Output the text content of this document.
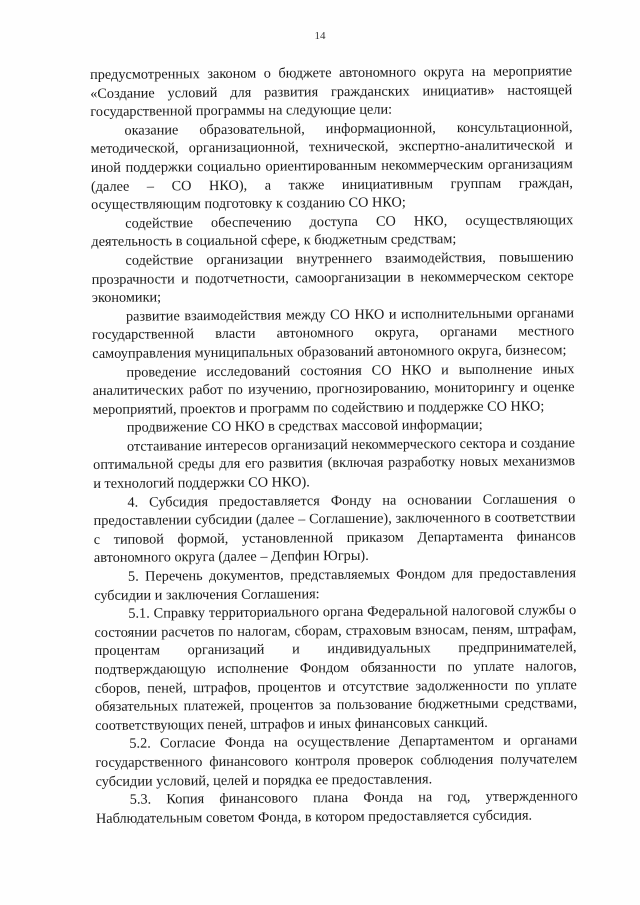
14

предусмотренных законом о бюджете автономного округа на мероприятие «Создание условий для развития гражданских инициатив» настоящей государственной программы на следующие цели:

оказание образовательной, информационной, консультационной, методической, организационной, технической, экспертно-аналитической и иной поддержки социально ориентированным некоммерческим организациям (далее – СО НКО), а также инициативным группам граждан, осуществляющим подготовку к созданию СО НКО;

содействие обеспечению доступа СО НКО, осуществляющих деятельность в социальной сфере, к бюджетным средствам;

содействие организации внутреннего взаимодействия, повышению прозрачности и подотчетности, самоорганизации в некоммерческом секторе экономики;

развитие взаимодействия между СО НКО и исполнительными органами государственной власти автономного округа, органами местного самоуправления муниципальных образований автономного округа, бизнесом;

проведение исследований состояния СО НКО и выполнение иных аналитических работ по изучению, прогнозированию, мониторингу и оценке мероприятий, проектов и программ по содействию и поддержке СО НКО;

продвижение СО НКО в средствах массовой информации;

отстаивание интересов организаций некоммерческого сектора и создание оптимальной среды для его развития (включая разработку новых механизмов и технологий поддержки СО НКО).

4. Субсидия предоставляется Фонду на основании Соглашения о предоставлении субсидии (далее – Соглашение), заключенного в соответствии с типовой формой, установленной приказом Департамента финансов автономного округа (далее – Депфин Югры).

5. Перечень документов, представляемых Фондом для предоставления субсидии и заключения Соглашения:

5.1. Справку территориального органа Федеральной налоговой службы о состоянии расчетов по налогам, сборам, страховым взносам, пеням, штрафам, процентам организаций и индивидуальных предпринимателей, подтверждающую исполнение Фондом обязанности по уплате налогов, сборов, пеней, штрафов, процентов и отсутствие задолженности по уплате обязательных платежей, процентов за пользование бюджетными средствами, соответствующих пеней, штрафов и иных финансовых санкций.

5.2. Согласие Фонда на осуществление Департаментом и органами государственного финансового контроля проверок соблюдения получателем субсидии условий, целей и порядка ее предоставления.

5.3. Копия финансового плана Фонда на год, утвержденного Наблюдательным советом Фонда, в котором предоставляется субсидия.
